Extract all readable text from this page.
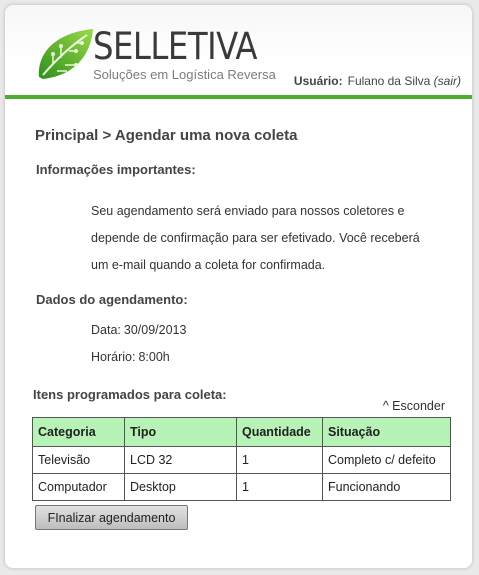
SELLETIVA
Soluções em Logística Reversa Usuário: Fulano da Silva (sair)
Principal > Agendar uma nova coleta
Informações importantes:
Seu agendamento será enviado para nossos coletores e
depende de confirmação para ser efetivado. Você receberá
um e-mail quando a coleta for confirmada.
Dados do agendamento:
Data: 30/09/2013
Horário: 8:00h
Itens programados para coleta:
^ Esconder
Categoria	Tipo	Quantidade	Situação
Televisão	LCD 32	1	Completo c/ defeito
Computador	Desktop	1	Funcionando
FInalizar agendamento
